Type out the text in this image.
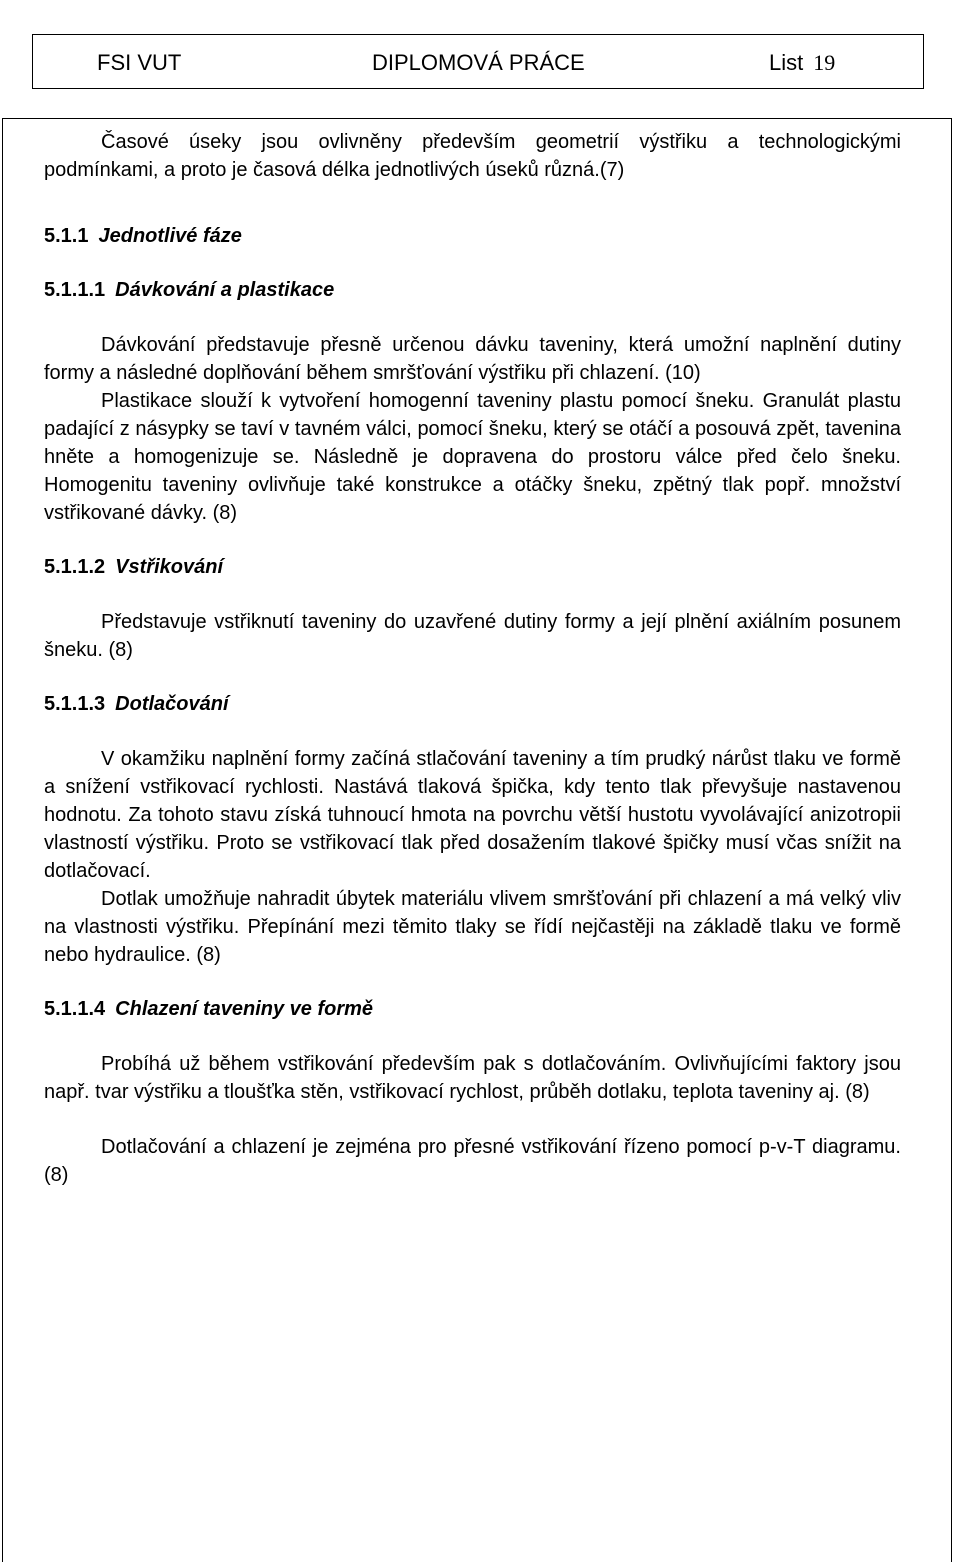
FSI VUT	DIPLOMOVÁ PRÁCE	List 19

Časové úseky jsou ovlivněny především geometrií výstřiku a technologickými podmínkami, a proto je časová délka jednotlivých úseků různá.(7)

5.1.1 Jednotlivé fáze
5.1.1.1 Dávkování a plastikace

Dávkování představuje přesně určenou dávku taveniny, která umožní naplnění dutiny formy a následné doplňování během smršťování výstřiku při chlazení. (10)

Plastikace slouží k vytvoření homogenní taveniny plastu pomocí šneku. Granulát plastu padající z násypky se taví v tavném válci, pomocí šneku, který se otáčí a posouvá zpět, tavenina hněte a homogenizuje se. Následně je dopravena do prostoru válce před čelo šneku. Homogenitu taveniny ovlivňuje také konstrukce a otáčky šneku, zpětný tlak popř. množství vstřikované dávky. (8)

5.1.1.2 Vstřikování

Představuje vstřiknutí taveniny do uzavřené dutiny formy a její plnění axiálním posunem šneku. (8)

5.1.1.3 Dotlačování

V okamžiku naplnění formy začíná stlačování taveniny a tím prudký nárůst tlaku ve formě a snížení vstřikovací rychlosti. Nastává tlaková špička, kdy tento tlak převyšuje nastavenou hodnotu. Za tohoto stavu získá tuhnoucí hmota na povrchu větší hustotu vyvolávající anizotropii vlastností výstřiku. Proto se vstřikovací tlak před dosažením tlakové špičky musí včas snížit na dotlačovací.

Dotlak umožňuje nahradit úbytek materiálu vlivem smršťování při chlazení a má velký vliv na vlastnosti výstřiku. Přepínání mezi těmito tlaky se řídí nejčastěji na základě tlaku ve formě nebo hydraulice. (8)

5.1.1.4 Chlazení taveniny ve formě

Probíhá už během vstřikování především pak s dotlačováním. Ovlivňujícími faktory jsou např. tvar výstřiku a tloušťka stěn, vstřikovací rychlost, průběh dotlaku, teplota taveniny aj. (8)

Dotlačování a chlazení je zejména pro přesné vstřikování řízeno pomocí p-v-T diagramu. (8)
